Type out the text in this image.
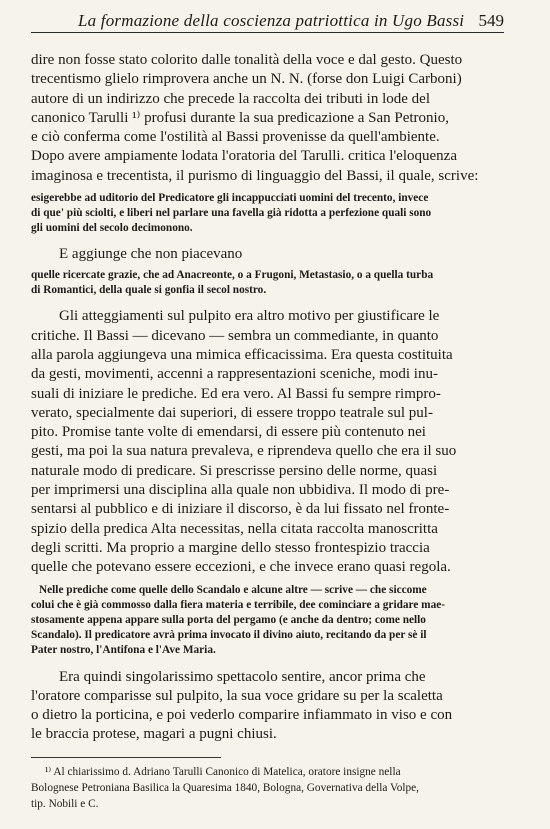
La formazione della coscienza patriottica in Ugo Bassi 549
dire non fosse stato colorito dalle tonalità della voce e dal gesto. Questo
trecentismo glielo rimprovera anche un N. N. (forse don Luigi Carboni)
autore di un indirizzo che precede la raccolta dei tributi in lode del
canonico Tarulli ¹⁾ profusi durante la sua predicazione a San Petronio,
e ciò conferma come l'ostilità al Bassi provenisse da quell'ambiente.
Dopo avere ampiamente lodata l'oratoria del Tarulli. critica l'eloquenza
imaginosa e trecentista, il purismo di linguaggio del Bassi, il quale, scrive:
esigerebbe ad uditorio del Predicatore gli incappucciati uomini del trecento, invece
di que' più sciolti, e liberi nel parlare una favella già ridotta a perfezione quali sono
gli uomini del secolo decimonono.
E aggiunge che non piacevano
quelle ricercate grazie, che ad Anacreonte, o a Frugoni, Metastasio, o a quella turba
di Romantici, della quale si gonfia il secol nostro.
Gli atteggiamenti sul pulpito era altro motivo per giustificare le
critiche. Il Bassi — dicevano — sembra un commediante, in quanto
alla parola aggiungeva una mimica efficacissima. Era questa costituita
da gesti, movimenti, accenni a rappresentazioni sceniche, modi inu-
suali di iniziare le prediche. Ed era vero. Al Bassi fu sempre rimpro-
verato, specialmente dai superiori, di essere troppo teatrale sul pul-
pito. Promise tante volte di emendarsi, di essere più contenuto nei
gesti, ma poi la sua natura prevaleva, e riprendeva quello che era il suo
naturale modo di predicare. Si prescrisse persino delle norme, quasi
per imprimersi una disciplina alla quale non ubbidiva. Il modo di pre-
sentarsi al pubblico e di iniziare il discorso, è da lui fissato nel fronte-
spizio della predica Alta necessitas, nella citata raccolta manoscritta
degli scritti. Ma proprio a margine dello stesso frontespizio traccia
quelle che potevano essere eccezioni, e che invece erano quasi regola.
Nelle prediche come quelle dello Scandalo e alcune altre — scrive — che siccome
colui che è già commosso dalla fiera materia e terribile, dee cominciare a gridare mae-
stosamente appena appare sulla porta del pergamo (e anche da dentro; come nello
Scandalo). Il predicatore avrà prima invocato il divino aiuto, recitando da per sè il
Pater nostro, l'Antifona e l'Ave Maria.
Era quindi singolarissimo spettacolo sentire, ancor prima che
l'oratore comparisse sul pulpito, la sua voce gridare su per la scaletta
o dietro la porticina, e poi vederlo comparire infiammato in viso e con
le braccia protese, magari a pugni chiusi.
¹⁾ Al chiarissimo d. Adriano Tarulli Canonico di Matelica, oratore insigne nella
Bolognese Petroniana Basilica la Quaresima 1840, Bologna, Governativa della Volpe,
tip. Nobili e C.
